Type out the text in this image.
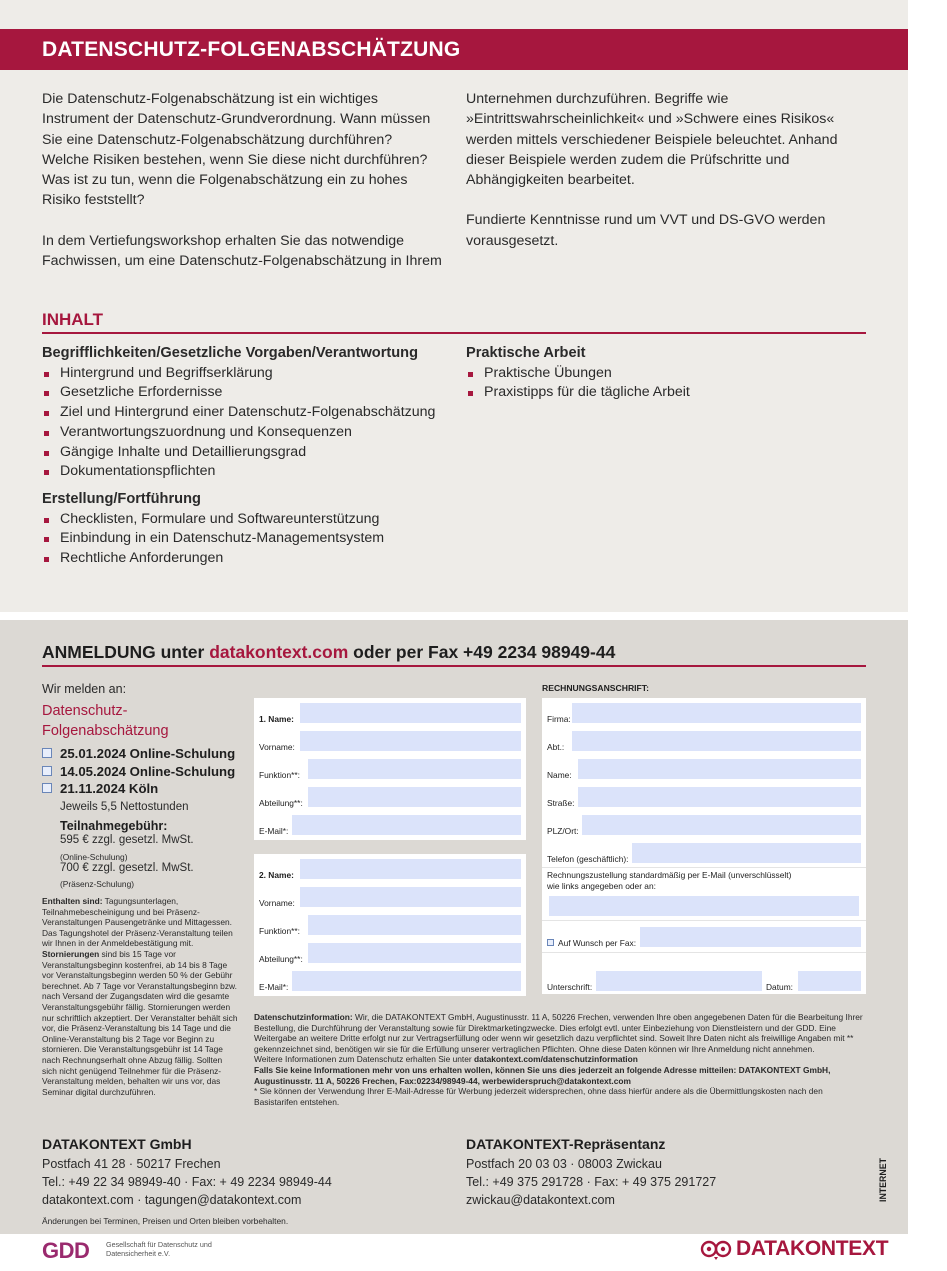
DATENSCHUTZ-FOLGENABSCHÄTZUNG

Die Datenschutz-Folgenabschätzung ist ein wichtiges Instrument der Datenschutz-Grundverordnung. Wann müssen Sie eine Datenschutz-Folgenabschätzung durchführen? Welche Risiken bestehen, wenn Sie diese nicht durchführen? Was ist zu tun, wenn die Folgenabschätzung ein zu hohes Risiko feststellt?

In dem Vertiefungsworkshop erhalten Sie das notwendige Fachwissen, um eine Datenschutz-Folgenabschätzung in Ihrem

Unternehmen durchzuführen. Begriffe wie »Eintrittswahrscheinlichkeit« und »Schwere eines Risikos« werden mittels verschiedener Beispiele beleuchtet. Anhand dieser Beispiele werden zudem die Prüfschritte und Abhängigkeiten bearbeitet.

Fundierte Kenntnisse rund um VVT und DS-GVO werden vorausgesetzt.

INHALT
Begrifflichkeiten/Gesetzliche Vorgaben/Verantwortung
Hintergrund und Begriffserklärung
Gesetzliche Erfordernisse
Ziel und Hintergrund einer Datenschutz-Folgenabschätzung
Verantwortungszuordnung und Konsequenzen
Gängige Inhalte und Detaillierungsgrad
Dokumentationspflichten
Erstellung/Fortführung
Checklisten, Formulare und Softwareunterstützung
Einbindung in ein Datenschutz-Managementsystem
Rechtliche Anforderungen
Praktische Arbeit
Praktische Übungen
Praxistipps für die tägliche Arbeit
ANMELDUNG unter datakontext.com oder per Fax +49 2234 98949-44
Wir melden an:
Datenschutz-
Folgenabschätzung
25.01.2024 Online-Schulung
14.05.2024 Online-Schulung
21.11.2024 Köln
Jeweils 5,5 Nettostunden
Teilnahmegebühr:
595 € zzgl. gesetzl. MwSt.
(Online-Schulung)
700 € zzgl. gesetzl. MwSt.
(Präsenz-Schulung)
Enthalten sind: Tagungsunterlagen, Teilnahmebescheinigung und bei Präsenz-Veranstaltungen Pausengetränke und Mittagessen.
Das Tagungshotel der Präsenz-Veranstaltung teilen wir Ihnen in der Anmeldebestätigung mit.
Stornierungen sind bis 15 Tage vor Veranstaltungsbeginn kostenfrei, ab 14 bis 8 Tage vor Veranstaltungsbeginn werden 50 % der Gebühr berechnet. Ab 7 Tage vor Veranstaltungsbeginn bzw. nach Versand der Zugangsdaten wird die gesamte Veranstaltungsgebühr fällig. Stornierungen werden nur schriftlich akzeptiert. Der Veranstalter behält sich vor, die Präsenz-Veranstaltung bis 14 Tage und die Online-Veranstaltung bis 2 Tage vor Beginn zu stornieren. Die Veranstaltungsgebühr ist 14 Tage nach Rechnungserhalt ohne Abzug fällig. Sollten sich nicht genügend Teilnehmer für die Präsenz-Veranstaltung melden, behalten wir uns vor, das Seminar digital durchzuführen.
1. Name:
Vorname:
Funktion**:
Abteilung**:
E-Mail*:
2. Name:
Vorname:
Funktion**:
Abteilung**:
E-Mail*:
RECHNUNGSANSCHRIFT:
Firma:
Abt.:
Name:
Straße:
PLZ/Ort:
Telefon (geschäftlich):
Rechnungszustellung standardmäßig per E-Mail (unverschlüsselt)
wie links angegeben oder an:
Auf Wunsch per Fax:
Unterschrift:	Datum:
Datenschutzinformation: Wir, die DATAKONTEXT GmbH, Augustinusstr. 11 A, 50226 Frechen, verwenden Ihre oben angegebenen Daten für die Bearbeitung Ihrer Bestellung, die Durchführung der Veranstaltung sowie für Direktmarketingzwecke. Dies erfolgt evtl. unter Einbeziehung von Dienstleistern und der GDD. Eine Weitergabe an weitere Dritte erfolgt nur zur Vertragserfüllung oder wenn wir gesetzlich dazu verpflichtet sind. Soweit Ihre Daten nicht als freiwillige Angaben mit ** gekennzeichnet sind, benötigen wir sie für die Erfüllung unserer vertraglichen Pflichten. Ohne diese Daten können wir Ihre Anmeldung nicht annehmen.
Weitere Informationen zum Datenschutz erhalten Sie unter datakontext.com/datenschutzinformation
Falls Sie keine Informationen mehr von uns erhalten wollen, können Sie uns dies jederzeit an folgende Adresse mitteilen: DATAKONTEXT GmbH, Augustinusstr. 11 A, 50226 Frechen, Fax:02234/98949-44, werbewiderspruch@datakontext.com
* Sie können der Verwendung Ihrer E-Mail-Adresse für Werbung jederzeit widersprechen, ohne dass hierfür andere als die Übermittlungskosten nach den Basistarifen entstehen.
DATAKONTEXT GmbH
Postfach 41 28 · 50217 Frechen
Tel.: +49 22 34 98949-40 · Fax: + 49 2234 98949-44
datakontext.com · tagungen@datakontext.com
DATAKONTEXT-Repräsentanz
Postfach 20 03 03 · 08003 Zwickau
Tel.: +49 375 291728 · Fax: + 49 375 291727
zwickau@datakontext.com	INTERNET
Änderungen bei Terminen, Preisen und Orten bleiben vorbehalten.
GDD Gesellschaft für Datenschutz und Datensicherheit e.V.	DATAKONTEXT
